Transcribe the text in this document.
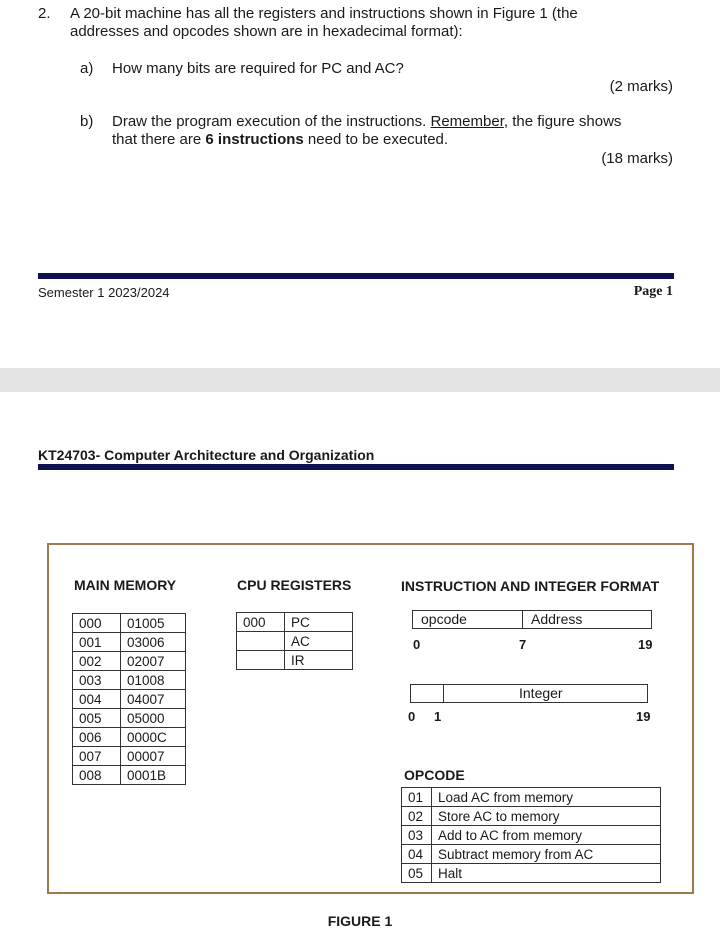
2. A 20-bit machine has all the registers and instructions shown in Figure 1 (the
addresses and opcodes shown are in hexadecimal format):
a) How many bits are required for PC and AC?
(2 marks)
b) Draw the program execution of the instructions. Remember, the figure shows
that there are 6 instructions need to be executed.
(18 marks)
Semester 1 2023/2024	Page 1
KT24703- Computer Architecture and Organization
MAIN MEMORY	CPU REGISTERS	INSTRUCTION AND INTEGER FORMAT
000	01005
001	03006
002	02007
003	01008
004	04007
005	05000
006	0000C
007	00007
008	0001B
000	PC
	AC
	IR
opcode	Address
0	7	19
Integer
0 1	19
OPCODE
01	Load AC from memory
02	Store AC to memory
03	Add to AC from memory
04	Subtract memory from AC
05	Halt
FIGURE 1
